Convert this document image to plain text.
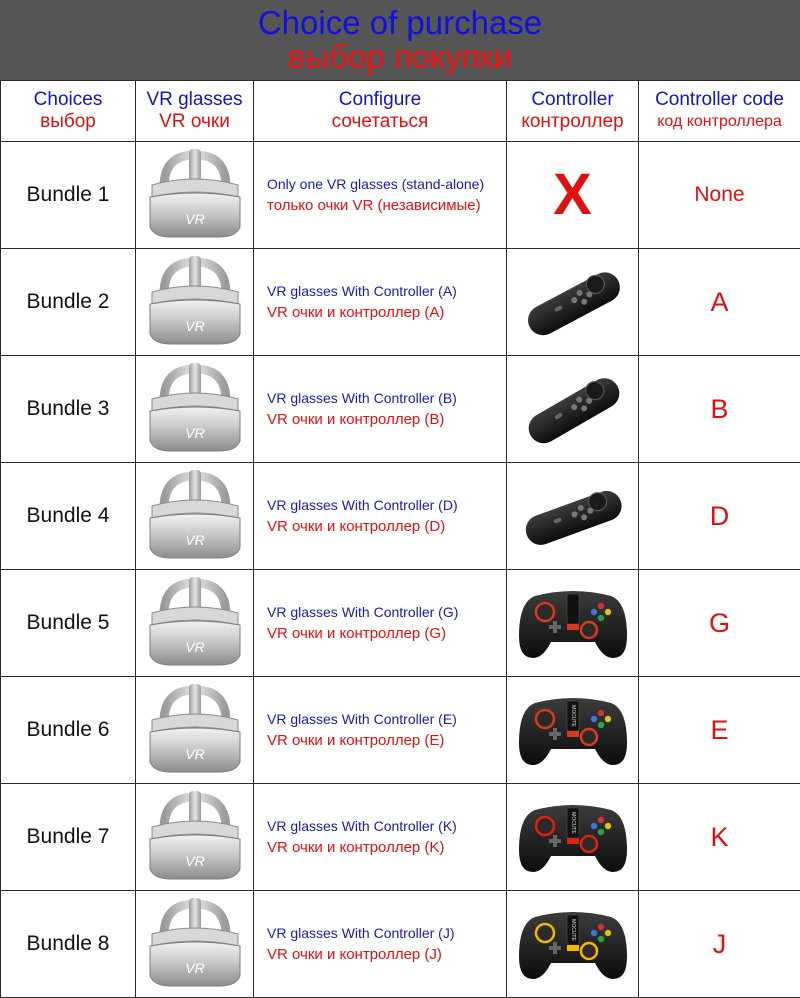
Choice of purchase
выбор покупки
Choices
выбор	VR glasses
VR очки	Configure
сочетаться	Controller
контроллер	Controller code
код контроллера

Bundle 1	VR	Only one VR glasses (stand-alone)
только очки VR (независимые)	X	None
Bundle 2	VR	VR glasses With Controller (A)
VR очки и контроллер (A)		A
Bundle 3	VR	VR glasses With Controller (B)
VR очки и контроллер (B)		B
Bundle 4	VR	VR glasses With Controller (D)
VR очки и контроллер (D)		D
Bundle 5	VR	VR glasses With Controller (G)
VR очки и контроллер (G)		G
Bundle 6	VR	VR glasses With Controller (E)
VR очки и контроллер (E)	MOCUTE	E
Bundle 7	VR	VR glasses With Controller (K)
VR очки и контроллер (K)	MOCUTE	K
Bundle 8	VR	VR glasses With Controller (J)
VR очки и контроллер (J)	MOCUTE	J
